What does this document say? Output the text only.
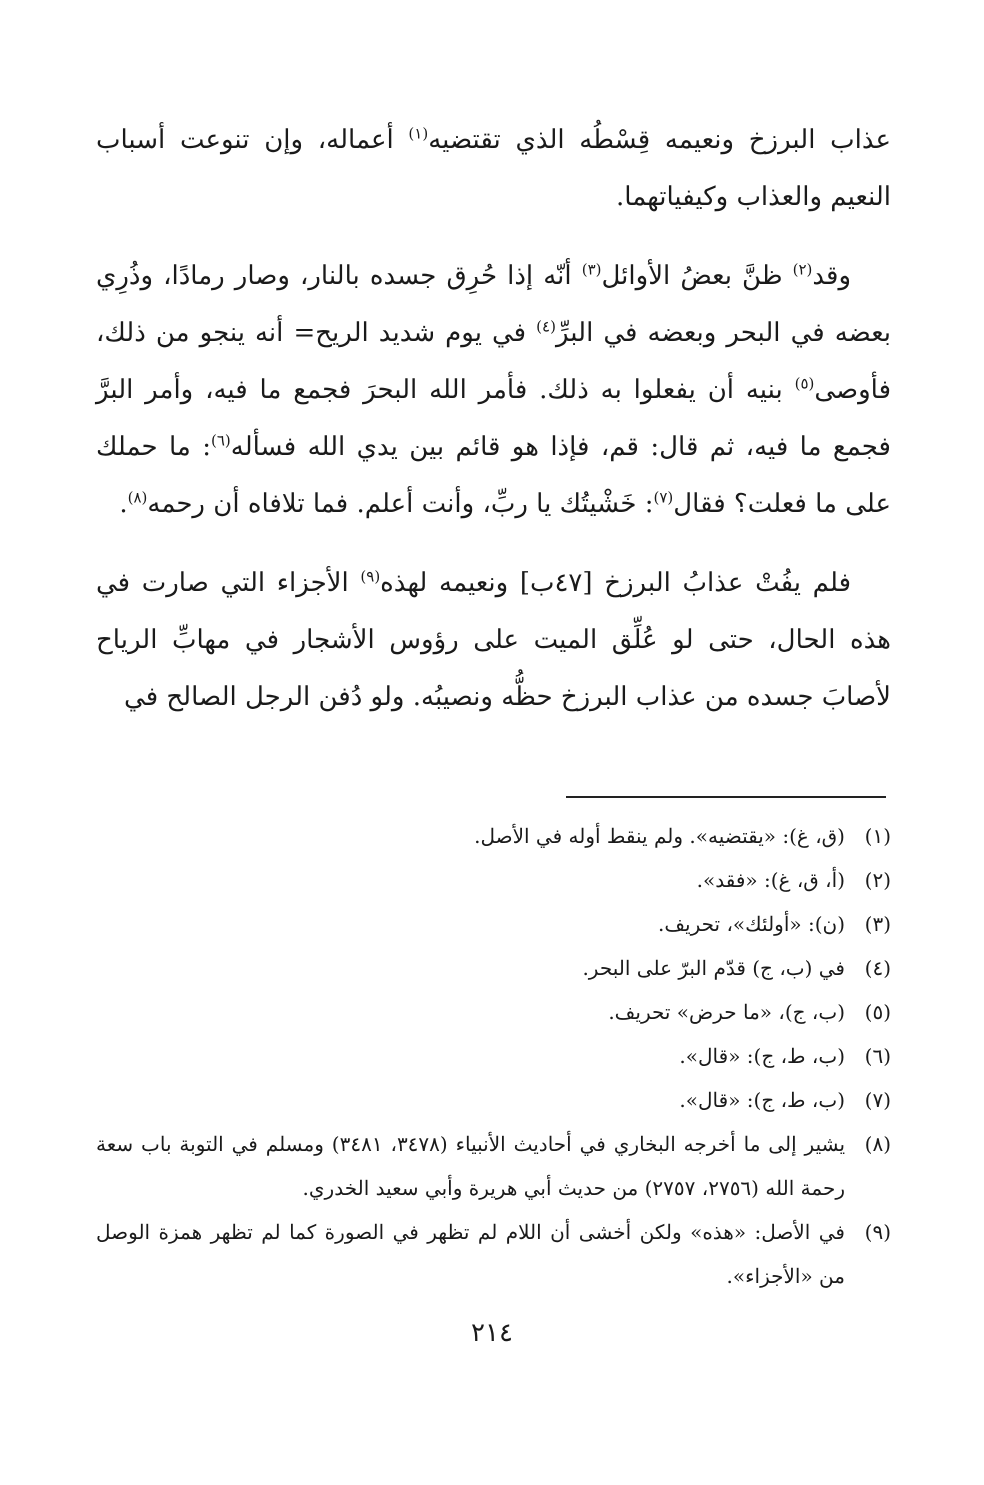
عذاب البرزخ ونعيمه قِسْطُه الذي تقتضيه$^{(١)}$ أعماله، وإن تنوعت أسباب النعيم والعذاب وكيفياتهما.

وقد$^{(٢)}$ ظنَّ بعضُ الأوائل$^{(٣)}$ أنّه إذا حُرِق جسده بالنار، وصار رمادًا، وذُرِي بعضه في البحر وبعضه في البرِّ$^{(٤)}$ في يوم شديد الريح= أنه ينجو من ذلك، فأوصى$^{(٥)}$ بنيه أن يفعلوا به ذلك. فأمر الله البحرَ فجمع ما فيه، وأمر البرَّ فجمع ما فيه، ثم قال: قم، فإذا هو قائم بين يدي الله فسأله$^{(٦)}$: ما حملك على ما فعلت؟ فقال$^{(٧)}$: خَشْيتُك يا ربِّ، وأنت أعلم. فما تلافاه أن رحمه$^{(٨)}$.

فلم يفُتْ عذابُ البرزخ [٤٧ب] ونعيمه لهذه$^{(٩)}$ الأجزاء التي صارت في هذه الحال، حتى لو عُلِّق الميت على رؤوس الأشجار في مهابِّ الرياح لأصابَ جسده من عذاب البرزخ حظُّه ونصيبُه. ولو دُفن الرجل الصالح في

(١)
(ق، غ): «يقتضيه». ولم ينقط أوله في الأصل.
(٢)
(أ، ق، غ): «فقد».
(٣)
(ن): «أولئك»، تحريف.
(٤)
في (ب، ج) قدّم البرّ على البحر.
(٥)
(ب، ج)، «ما حرض» تحريف.
(٦)
(ب، ط، ج): «قال».
(٧)
(ب، ط، ج): «قال».
(٨)
يشير إلى ما أخرجه البخاري في أحاديث الأنبياء (٣٤٧٨، ٣٤٨١) ومسلم في التوبة باب سعة رحمة الله (٢٧٥٦، ٢٧٥٧) من حديث أبي هريرة وأبي سعيد الخدري.
(٩)
في الأصل: «هذه» ولكن أخشى أن اللام لم تظهر في الصورة كما لم تظهر همزة الوصل من «الأجزاء».
٢١٤
